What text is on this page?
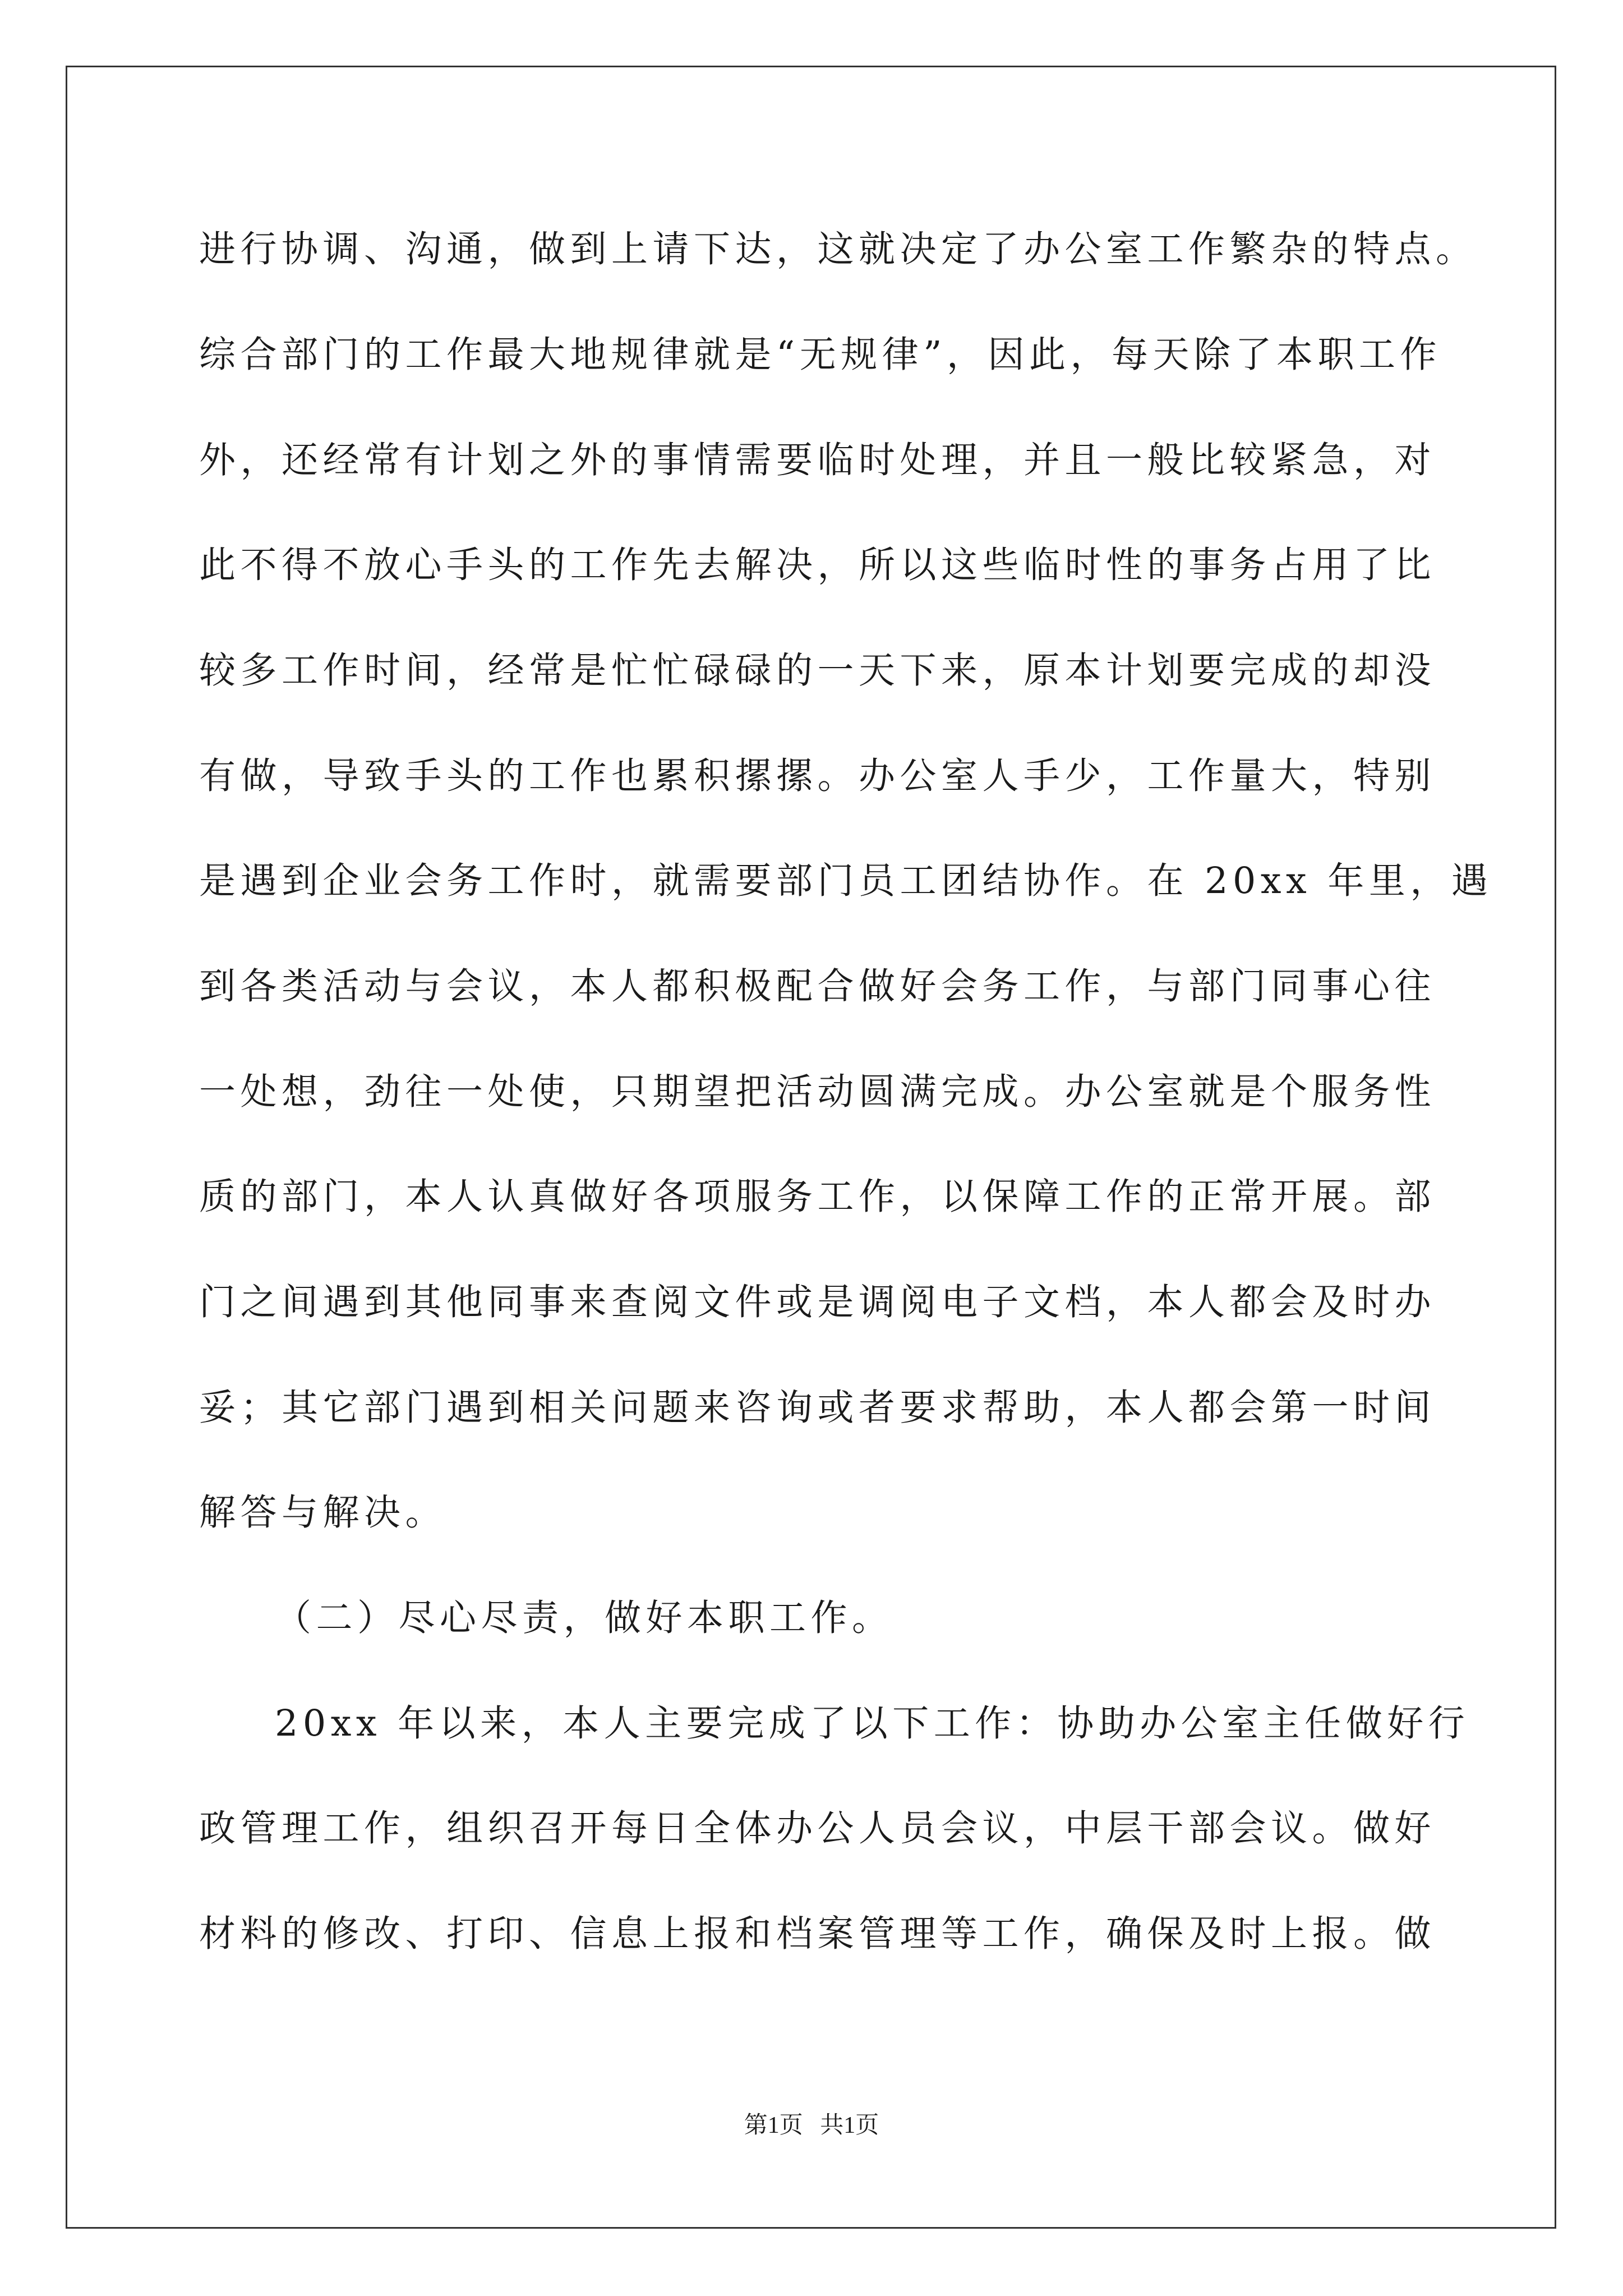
进行协调、沟通，做到上请下达，这就决定了办公室工作繁杂的特点。
综合部门的工作最大地规律就是“无规律”，因此，每天除了本职工作
外，还经常有计划之外的事情需要临时处理，并且一般比较紧急，对
此不得不放心手头的工作先去解决，所以这些临时性的事务占用了比
较多工作时间，经常是忙忙碌碌的一天下来，原本计划要完成的却没
有做，导致手头的工作也累积摞摞。办公室人手少，工作量大，特别
是遇到企业会务工作时，就需要部门员工团结协作。在 20xx 年里，遇
到各类活动与会议，本人都积极配合做好会务工作，与部门同事心往
一处想，劲往一处使，只期望把活动圆满完成。办公室就是个服务性
质的部门，本人认真做好各项服务工作，以保障工作的正常开展。部
门之间遇到其他同事来查阅文件或是调阅电子文档，本人都会及时办
妥；其它部门遇到相关问题来咨询或者要求帮助，本人都会第一时间
解答与解决。
（二）尽心尽责，做好本职工作。
20xx 年以来，本人主要完成了以下工作：协助办公室主任做好行
政管理工作，组织召开每日全体办公人员会议，中层干部会议。做好
材料的修改、打印、信息上报和档案管理等工作，确保及时上报。做
第1页 共1页
